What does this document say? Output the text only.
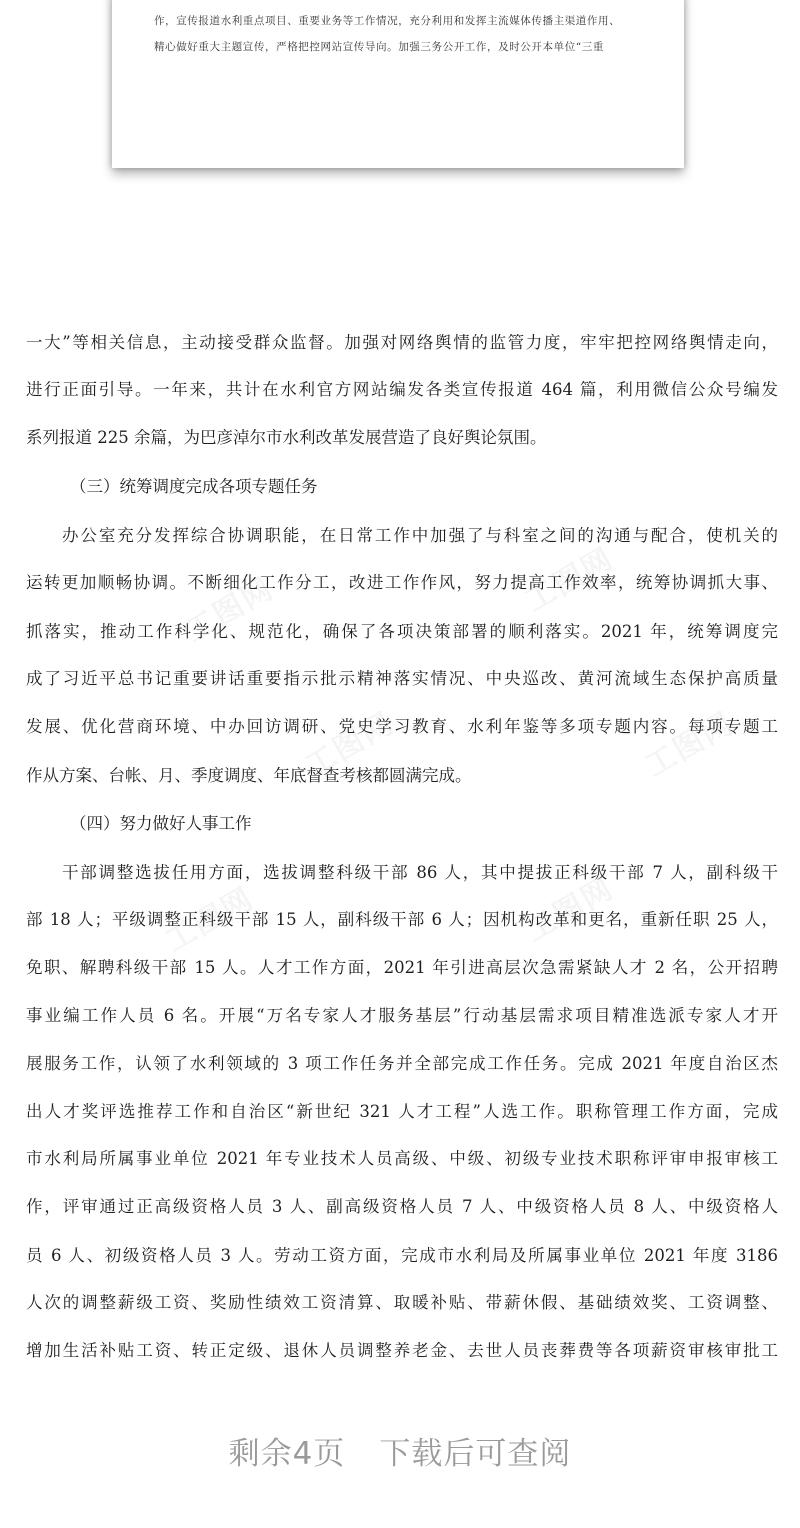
作，宣传报道水利重点项目、重要业务等工作情况，充分利用和发挥主流媒体传播主渠道作用、
精心做好重大主题宣传，严格把控网站宣传导向。加强三务公开工作，及时公开本单位“三重
一大”等相关信息，主动接受群众监督。加强对网络舆情的监管力度，牢牢把控网络舆情走向，
进行正面引导。一年来，共计在水利官方网站编发各类宣传报道 464 篇，利用微信公众号编发
系列报道 225 余篇，为巴彦淖尔市水利改革发展营造了良好舆论氛围。
（三）统筹调度完成各项专题任务
办公室充分发挥综合协调职能，在日常工作中加强了与科室之间的沟通与配合，使机关的
运转更加顺畅协调。不断细化工作分工，改进工作作风，努力提高工作效率，统筹协调抓大事、
抓落实，推动工作科学化、规范化，确保了各项决策部署的顺利落实。2021 年，统筹调度完
成了习近平总书记重要讲话重要指示批示精神落实情况、中央巡改、黄河流域生态保护高质量
发展、优化营商环境、中办回访调研、党史学习教育、水利年鉴等多项专题内容。每项专题工
作从方案、台帐、月、季度调度、年底督查考核都圆满完成。
（四）努力做好人事工作
干部调整选拔任用方面，选拔调整科级干部 86 人，其中提拔正科级干部 7 人，副科级干
部 18 人；平级调整正科级干部 15 人，副科级干部 6 人；因机构改革和更名，重新任职 25 人，
免职、解聘科级干部 15 人。人才工作方面，2021 年引进高层次急需紧缺人才 2 名，公开招聘
事业编工作人员 6 名。开展“万名专家人才服务基层”行动基层需求项目精准选派专家人才开
展服务工作，认领了水利领域的 3 项工作任务并全部完成工作任务。完成 2021 年度自治区杰
出人才奖评选推荐工作和自治区“新世纪 321 人才工程”人选工作。职称管理工作方面，完成
市水利局所属事业单位 2021 年专业技术人员高级、中级、初级专业技术职称评审申报审核工
作，评审通过正高级资格人员 3 人、副高级资格人员 7 人、中级资格人员 8 人、中级资格人
员 6 人、初级资格人员 3 人。劳动工资方面，完成市水利局及所属事业单位 2021 年度 3186
人次的调整薪级工资、奖励性绩效工资清算、取暖补贴、带薪休假、基础绩效奖、工资调整、
增加生活补贴工资、转正定级、退休人员调整养老金、去世人员丧葬费等各项薪资审核审批工
剩余4页 下载后可查阅
